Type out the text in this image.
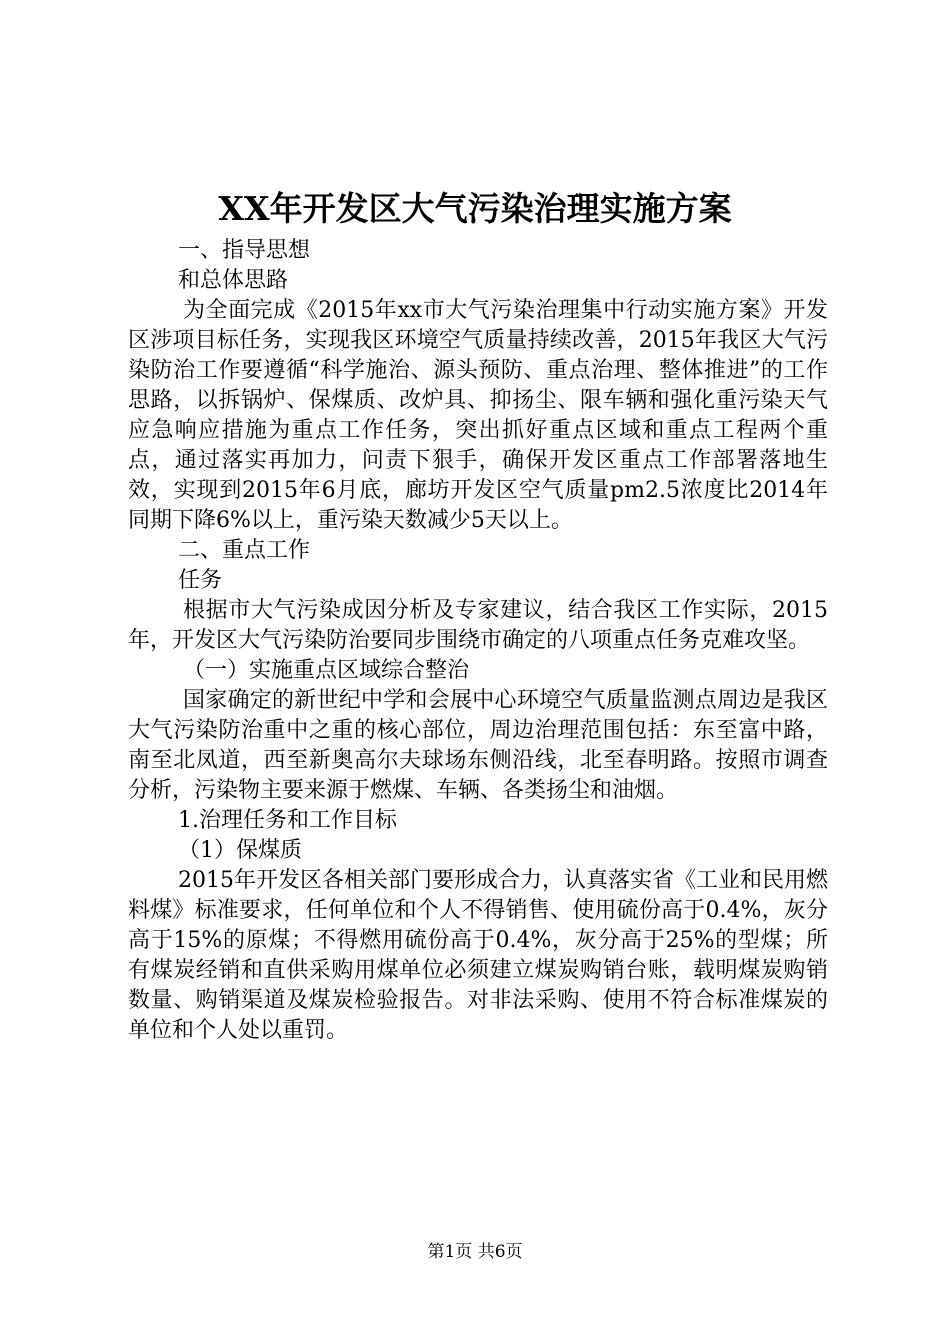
XX年开发区大气污染治理实施方案

一、指导思想

和总体思路

为全面完成《2015年xx市大气污染治理集中行动实施方案》开发区涉项目标任务，实现我区环境空气质量持续改善，2015年我区大气污染防治工作要遵循“科学施治、源头预防、重点治理、整体推进”的工作思路，以拆锅炉、保煤质、改炉具、抑扬尘、限车辆和强化重污染天气应急响应措施为重点工作任务，突出抓好重点区域和重点工程两个重点，通过落实再加力，问责下狠手，确保开发区重点工作部署落地生效，实现到2015年6月底，廊坊开发区空气质量pm2.5浓度比2014年同期下降6%以上，重污染天数减少5天以上。

二、重点工作

任务

根据市大气污染成因分析及专家建议，结合我区工作实际，2015年，开发区大气污染防治要同步围绕市确定的八项重点任务克难攻坚。

（一）实施重点区域综合整治

国家确定的新世纪中学和会展中心环境空气质量监测点周边是我区大气污染防治重中之重的核心部位，周边治理范围包括：东至富中路，南至北凤道，西至新奥高尔夫球场东侧沿线，北至春明路。按照市调查分析，污染物主要来源于燃煤、车辆、各类扬尘和油烟。

1.治理任务和工作目标

（1）保煤质

2015年开发区各相关部门要形成合力，认真落实省《工业和民用燃料煤》标准要求，任何单位和个人不得销售、使用硫份高于0.4%，灰分高于15%的原煤；不得燃用硫份高于0.4%，灰分高于25%的型煤；所有煤炭经销和直供采购用煤单位必须建立煤炭购销台账，载明煤炭购销数量、购销渠道及煤炭检验报告。对非法采购、使用不符合标准煤炭的单位和个人处以重罚。

第1页 共6页
